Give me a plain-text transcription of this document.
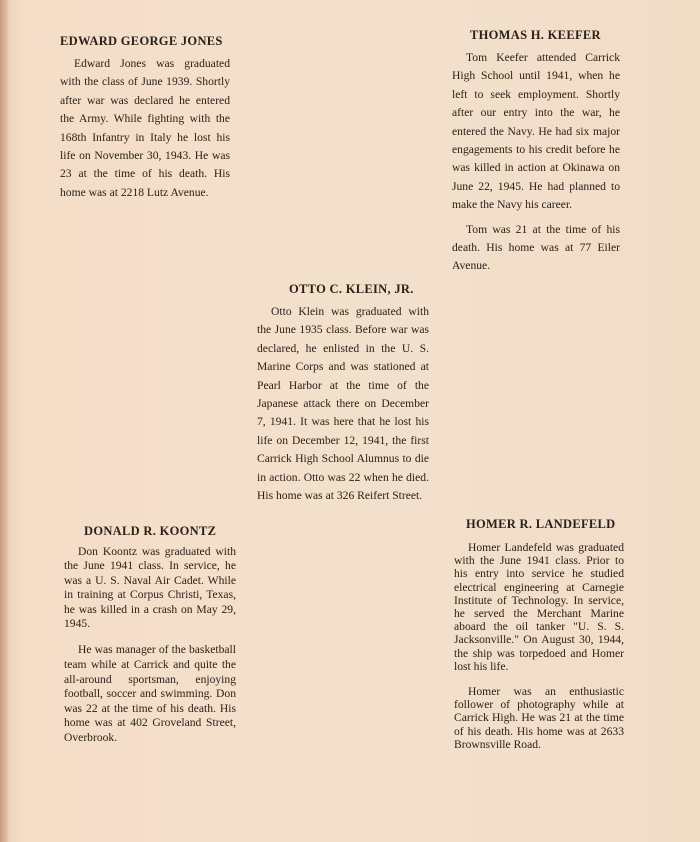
EDWARD GEORGE JONES

Edward Jones was graduated with the class of June 1939. Shortly after war was declared he entered the Army. While fighting with the 168th Infantry in Italy he lost his life on November 30, 1943. He was 23 at the time of his death. His home was at 2218 Lutz Avenue.

THOMAS H. KEEFER

Tom Keefer attended Carrick High School until 1941, when he left to seek employment. Shortly after our entry into the war, he entered the Navy. He had six major engagements to his credit before he was killed in action at Okinawa on June 22, 1945. He had planned to make the Navy his career.

Tom was 21 at the time of his death. His home was at 77 Eiler Avenue.

OTTO C. KLEIN, JR.

Otto Klein was graduated with the June 1935 class. Before war was declared, he enlisted in the U. S. Marine Corps and was stationed at Pearl Harbor at the time of the Japanese attack there on December 7, 1941. It was here that he lost his life on December 12, 1941, the first Carrick High School Alumnus to die in action. Otto was 22 when he died. His home was at 326 Reifert Street.

DONALD R. KOONTZ

Don Koontz was graduated with the June 1941 class. In service, he was a U. S. Naval Air Cadet. While in training at Corpus Christi, Texas, he was killed in a crash on May 29, 1945.

He was manager of the basketball team while at Carrick and quite the all-around sportsman, enjoying football, soccer and swimming. Don was 22 at the time of his death. His home was at 402 Groveland Street, Overbrook.

HOMER R. LANDEFELD

Homer Landefeld was graduated with the June 1941 class. Prior to his entry into service he studied electrical engineering at Carnegie Institute of Technology. In service, he served the Merchant Marine aboard the oil tanker "U. S. S. Jacksonville." On August 30, 1944, the ship was torpedoed and Homer lost his life.

Homer was an enthusiastic follower of photography while at Carrick High. He was 21 at the time of his death. His home was at 2633 Brownsville Road.
